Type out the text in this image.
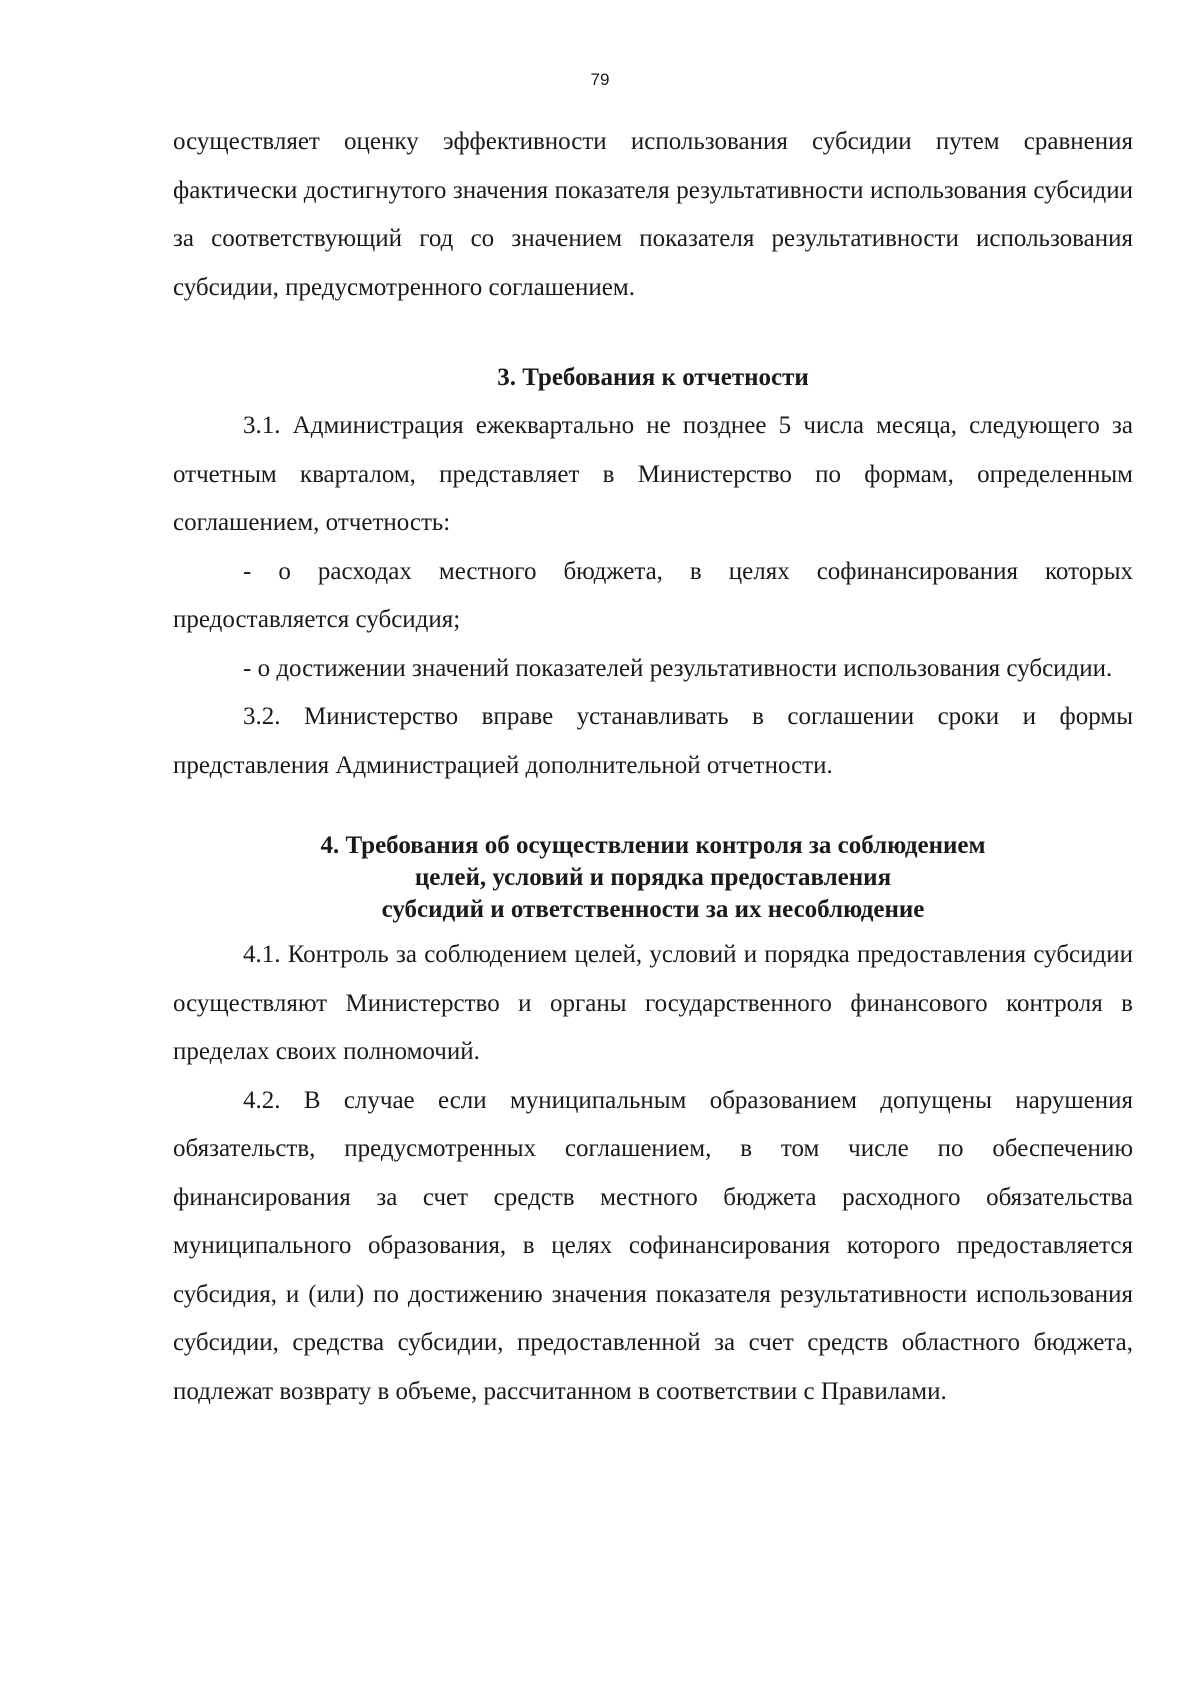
79

осуществляет оценку эффективности использования субсидии путем сравнения фактически достигнутого значения показателя результативности использования субсидии за соответствующий год со значением показателя результативности использования субсидии, предусмотренного соглашением.

3. Требования к отчетности

3.1. Администрация ежеквартально не позднее 5 числа месяца, следующего за отчетным кварталом, представляет в Министерство по формам, определенным соглашением, отчетность:

- о расходах местного бюджета, в целях софинансирования которых предоставляется субсидия;

- о достижении значений показателей результативности использования субсидии.

3.2. Министерство вправе устанавливать в соглашении сроки и формы представления Администрацией дополнительной отчетности.

4. Требования об осуществлении контроля за соблюдением
целей, условий и порядка предоставления
субсидий и ответственности за их несоблюдение

4.1. Контроль за соблюдением целей, условий и порядка предоставления субсидии осуществляют Министерство и органы государственного финансового контроля в пределах своих полномочий.

4.2. В случае если муниципальным образованием допущены нарушения обязательств, предусмотренных соглашением, в том числе по обеспечению финансирования за счет средств местного бюджета расходного обязательства муниципального образования, в целях софинансирования которого предоставляется субсидия, и (или) по достижению значения показателя результативности использования субсидии, средства субсидии, предоставленной за счет средств областного бюджета, подлежат возврату в объеме, рассчитанном в соответствии с Правилами.
